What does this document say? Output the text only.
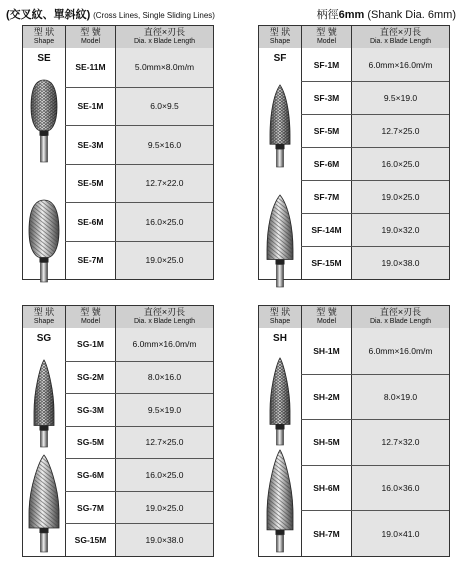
(交叉紋、單斜紋) (Cross Lines, Single Sliding Lines)	柄徑6mm (Shank Dia. 6mm)
型 狀
Shape
型 號
Model
直徑×刃長
Dia. x Blade Length
SE
SE-11M	5.0mm×8.0m/m
SE-1M	6.0×9.5
SE-3M	9.5×16.0
SE-5M	12.7×22.0
SE-6M	16.0×25.0
SE-7M	19.0×25.0
型 狀
Shape
型 號
Model
直徑×刃長
Dia. x Blade Length
SF
SF-1M	6.0mm×16.0m/m
SF-3M	9.5×19.0
SF-5M	12.7×25.0
SF-6M	16.0×25.0
SF-7M	19.0×25.0
SF-14M	19.0×32.0
SF-15M	19.0×38.0
型 狀
Shape
型 號
Model
直徑×刃長
Dia. x Blade Length
SG
SG-1M	6.0mm×16.0m/m
SG-2M	8.0×16.0
SG-3M	9.5×19.0
SG-5M	12.7×25.0
SG-6M	16.0×25.0
SG-7M	19.0×25.0
SG-15M	19.0×38.0
型 狀
Shape
型 號
Model
直徑×刃長
Dia. x Blade Length
SH
SH-1M	6.0mm×16.0m/m
SH-2M	8.0×19.0
SH-5M	12.7×32.0
SH-6M	16.0×36.0
SH-7M	19.0×41.0
